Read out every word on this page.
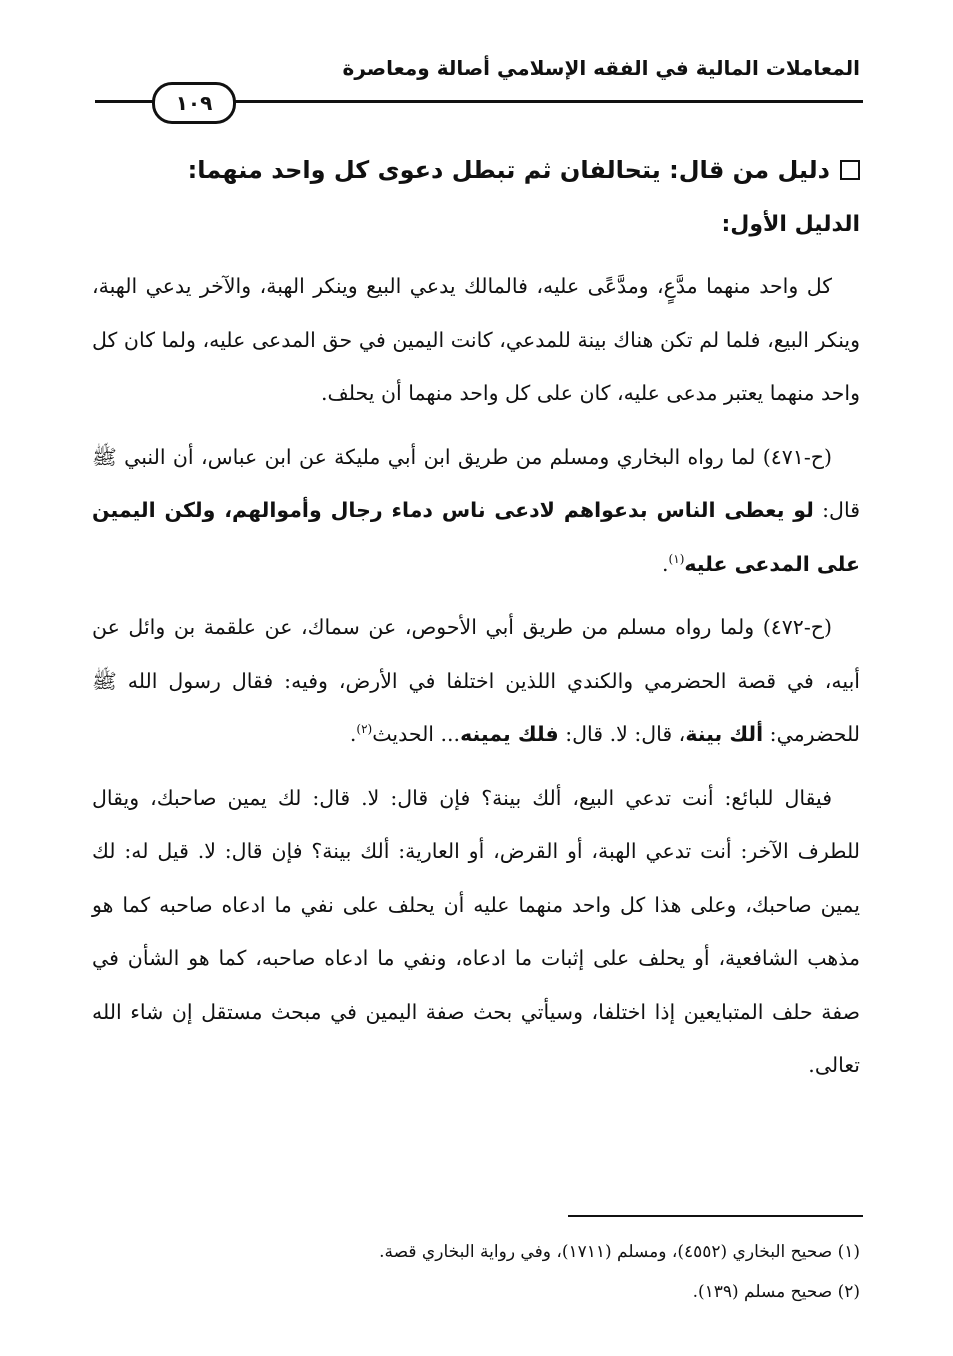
المعاملات المالية في الفقه الإسلامي أصالة ومعاصرة
١٠٩
دليل من قال: يتحالفان ثم تبطل دعوى كل واحد منهما:
الدليل الأول:

كل واحد منهما مدَّعٍ، ومدَّعًى عليه، فالمالك يدعي البيع وينكر الهبة، والآخر يدعي الهبة، وينكر البيع، فلما لم تكن هناك بينة للمدعي، كانت اليمين في حق المدعى عليه، ولما كان كل واحد منهما يعتبر مدعى عليه، كان على كل واحد منهما أن يحلف.

(ح-٤٧١) لما رواه البخاري ومسلم من طريق ابن أبي مليكة عن ابن عباس، أن النبي ﷺ قال: لو يعطى الناس بدعواهم لادعى ناس دماء رجال وأموالهم، ولكن اليمين على المدعى عليه$^{(١)}$.

(ح-٤٧٢) ولما رواه مسلم من طريق أبي الأحوص، عن سماك، عن علقمة بن وائل عن أبيه، في قصة الحضرمي والكندي اللذين اختلفا في الأرض، وفيه: فقال رسول الله ﷺ للحضرمي: ألك بينة، قال: لا. قال: فلك يمينه... الحديث$^{(٢)}$.

فيقال للبائع: أنت تدعي البيع، ألك بينة؟ فإن قال: لا. قال: لك يمين صاحبك، ويقال للطرف الآخر: أنت تدعي الهبة، أو القرض، أو العارية: ألك بينة؟ فإن قال: لا. قيل له: لك يمين صاحبك، وعلى هذا كل واحد منهما عليه أن يحلف على نفي ما ادعاه صاحبه كما هو مذهب الشافعية، أو يحلف على إثبات ما ادعاه، ونفي ما ادعاه صاحبه، كما هو الشأن في صفة حلف المتبايعين إذا اختلفا، وسيأتي بحث صفة اليمين في مبحث مستقل إن شاء الله تعالى.

(١) صحيح البخاري (٤٥٥٢)، ومسلم (١٧١١)، وفي رواية البخاري قصة.

(٢) صحيح مسلم (١٣٩).
